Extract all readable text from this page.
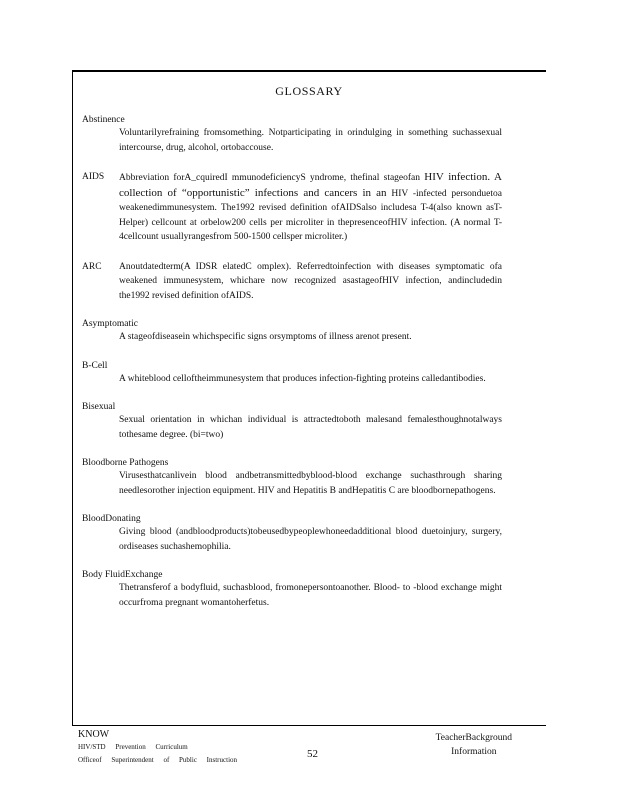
GLOSSARY
Abstinence
Voluntarilyrefraining fromsomething. Notparticipating in orindulging in something suchassexual intercourse, drug, alcohol, ortobaccouse.
AIDS	Abbreviation forA_cquiredI mmunodeficiencyS yndrome, thefinal stageofan HIV infection. A collection of “opportunistic” infections and cancers in an HIV -infected personduetoa weakenedimmunesystem. The1992 revised definition ofAIDSalso includesa T-4(also known asT-Helper) cellcount at orbelow200 cells per microliter in thepresenceofHIV infection. (A normal T-4cellcount usuallyrangesfrom 500-1500 cellsper microliter.)
ARC	Anoutdatedterm(A IDSR elatedC omplex). Referredtoinfection with diseases symptomatic ofa weakened immunesystem, whichare now recognized asastageofHIV infection, andincludedin the1992 revised definition ofAIDS.
Asymptomatic
A stageofdiseasein whichspecific signs orsymptoms of illness arenot present.
B-Cell
A whiteblood celloftheimmunesystem that produces infection-fighting proteins calledantibodies.
Bisexual
Sexual orientation in whichan individual is attractedtoboth malesand femalesthoughnotalways tothesame degree. (bi=two)
Bloodborne Pathogens
Virusesthatcanlivein blood andbetransmittedbyblood-blood exchange suchasthrough sharing needlesorother injection equipment. HIV and Hepatitis B andHepatitis C are bloodbornepathogens.
BloodDonating
Giving blood (andbloodproducts)tobeusedbypeoplewhoneedadditional blood duetoinjury, surgery, ordiseases suchashemophilia.
Body FluidExchange
Thetransferof a bodyfluid, suchasblood, fromonepersontoanother. Blood- to -blood exchange might occurfroma pregnant womantoherfetus.
KNOW
HIV/STD Prevention Curriculum
Officeof Superintendent of Public Instruction	52
TeacherBackground
Information
